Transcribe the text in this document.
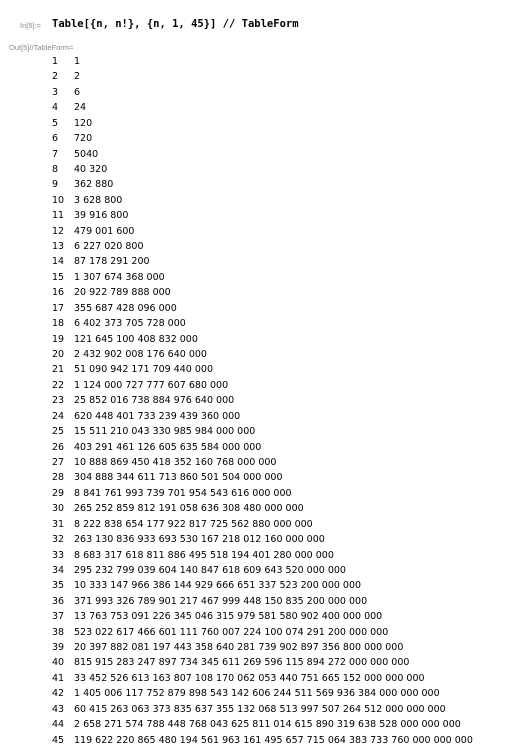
In[5]:= Table[{n, n!}, {n, 1, 45}] // TableForm
Out[5]//TableForm=
1 1
2 2
3 6
4 24
5 120
6 720
7 5040
8 40 320
9 362 880
10 3 628 800
11 39 916 800
12 479 001 600
13 6 227 020 800
14 87 178 291 200
15 1 307 674 368 000
16 20 922 789 888 000
17 355 687 428 096 000
18 6 402 373 705 728 000
19 121 645 100 408 832 000
20 2 432 902 008 176 640 000
21 51 090 942 171 709 440 000
22 1 124 000 727 777 607 680 000
23 25 852 016 738 884 976 640 000
24 620 448 401 733 239 439 360 000
25 15 511 210 043 330 985 984 000 000
26 403 291 461 126 605 635 584 000 000
27 10 888 869 450 418 352 160 768 000 000
28 304 888 344 611 713 860 501 504 000 000
29 8 841 761 993 739 701 954 543 616 000 000
30 265 252 859 812 191 058 636 308 480 000 000
31 8 222 838 654 177 922 817 725 562 880 000 000
32 263 130 836 933 693 530 167 218 012 160 000 000
33 8 683 317 618 811 886 495 518 194 401 280 000 000
34 295 232 799 039 604 140 847 618 609 643 520 000 000
35 10 333 147 966 386 144 929 666 651 337 523 200 000 000
36 371 993 326 789 901 217 467 999 448 150 835 200 000 000
37 13 763 753 091 226 345 046 315 979 581 580 902 400 000 000
38 523 022 617 466 601 111 760 007 224 100 074 291 200 000 000
39 20 397 882 081 197 443 358 640 281 739 902 897 356 800 000 000
40 815 915 283 247 897 734 345 611 269 596 115 894 272 000 000 000
41 33 452 526 613 163 807 108 170 062 053 440 751 665 152 000 000 000
42 1 405 006 117 752 879 898 543 142 606 244 511 569 936 384 000 000 000
43 60 415 263 063 373 835 637 355 132 068 513 997 507 264 512 000 000 000
44 2 658 271 574 788 448 768 043 625 811 014 615 890 319 638 528 000 000 000
45 119 622 220 865 480 194 561 963 161 495 657 715 064 383 733 760 000 000 000
